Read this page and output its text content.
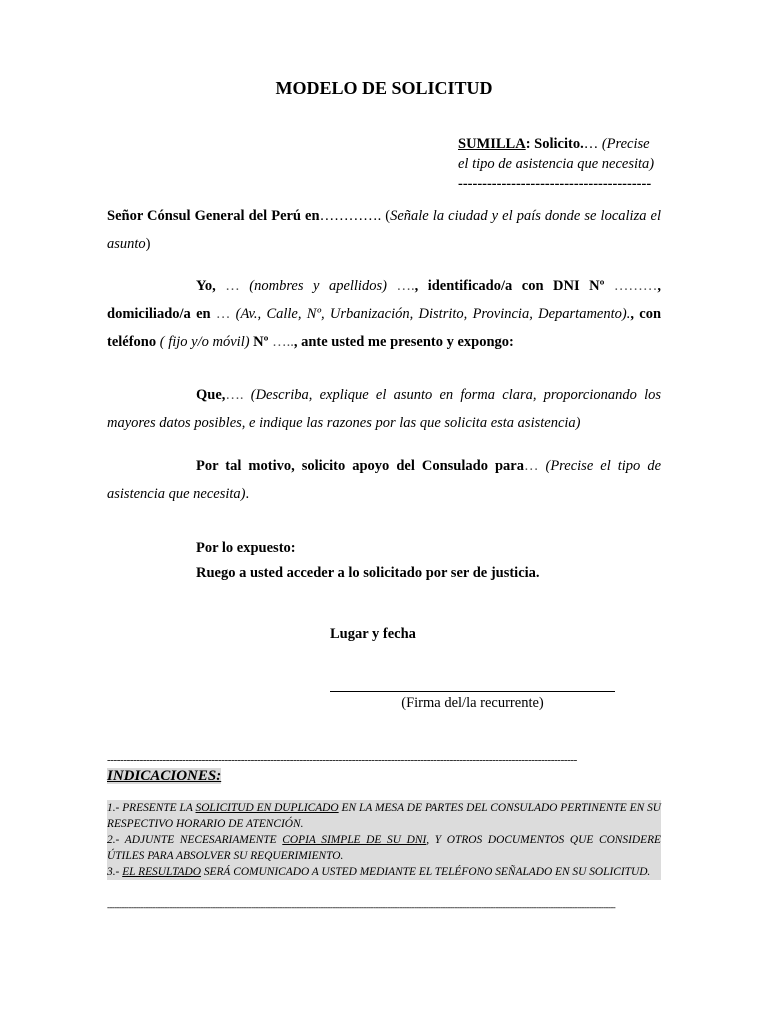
MODELO DE SOLICITUD
SUMILLA: Solicito.… (Precise el tipo de asistencia que necesita)
----------------------------------------
Señor Cónsul General del Perú en…………. (Señale la ciudad y el país donde se localiza el asunto)
Yo, … (nombres y apellidos) …., identificado/a con DNI Nº ………, domiciliado/a en … (Av., Calle, Nº, Urbanización, Distrito, Provincia, Departamento)., con teléfono ( fijo y/o móvil) Nº ….., ante usted me presento y expongo:
Que,…. (Describa, explique el asunto en forma clara, proporcionando los mayores datos posibles, e indique las razones por las que solicita esta asistencia)
Por tal motivo, solicito apoyo del Consulado para… (Precise el tipo de asistencia que necesita).
Por lo expuesto:
Ruego a usted acceder a lo solicitado por ser de justicia.
Lugar y fecha
(Firma del/la recurrente)
------------------------------------------------------------------------------------------------------------------------------------------------
INDICACIONES:

1.- PRESENTE LA SOLICITUD EN DUPLICADO EN LA MESA DE PARTES DEL CONSULADO PERTINENTE EN SU RESPECTIVO HORARIO DE ATENCIÓN.

2.- ADJUNTE NECESARIAMENTE COPIA SIMPLE DE SU DNI, Y OTROS DOCUMENTOS QUE CONSIDERE ÚTILES PARA ABSOLVER SU REQUERIMIENTO.

3.- EL RESULTADO SERÁ COMUNICADO A USTED MEDIANTE EL TELÉFONO SEÑALADO EN SU SOLICITUD.

--------------------------------------------------------------------------------------------------------------------------------------------------------------------------------------------------------------------
